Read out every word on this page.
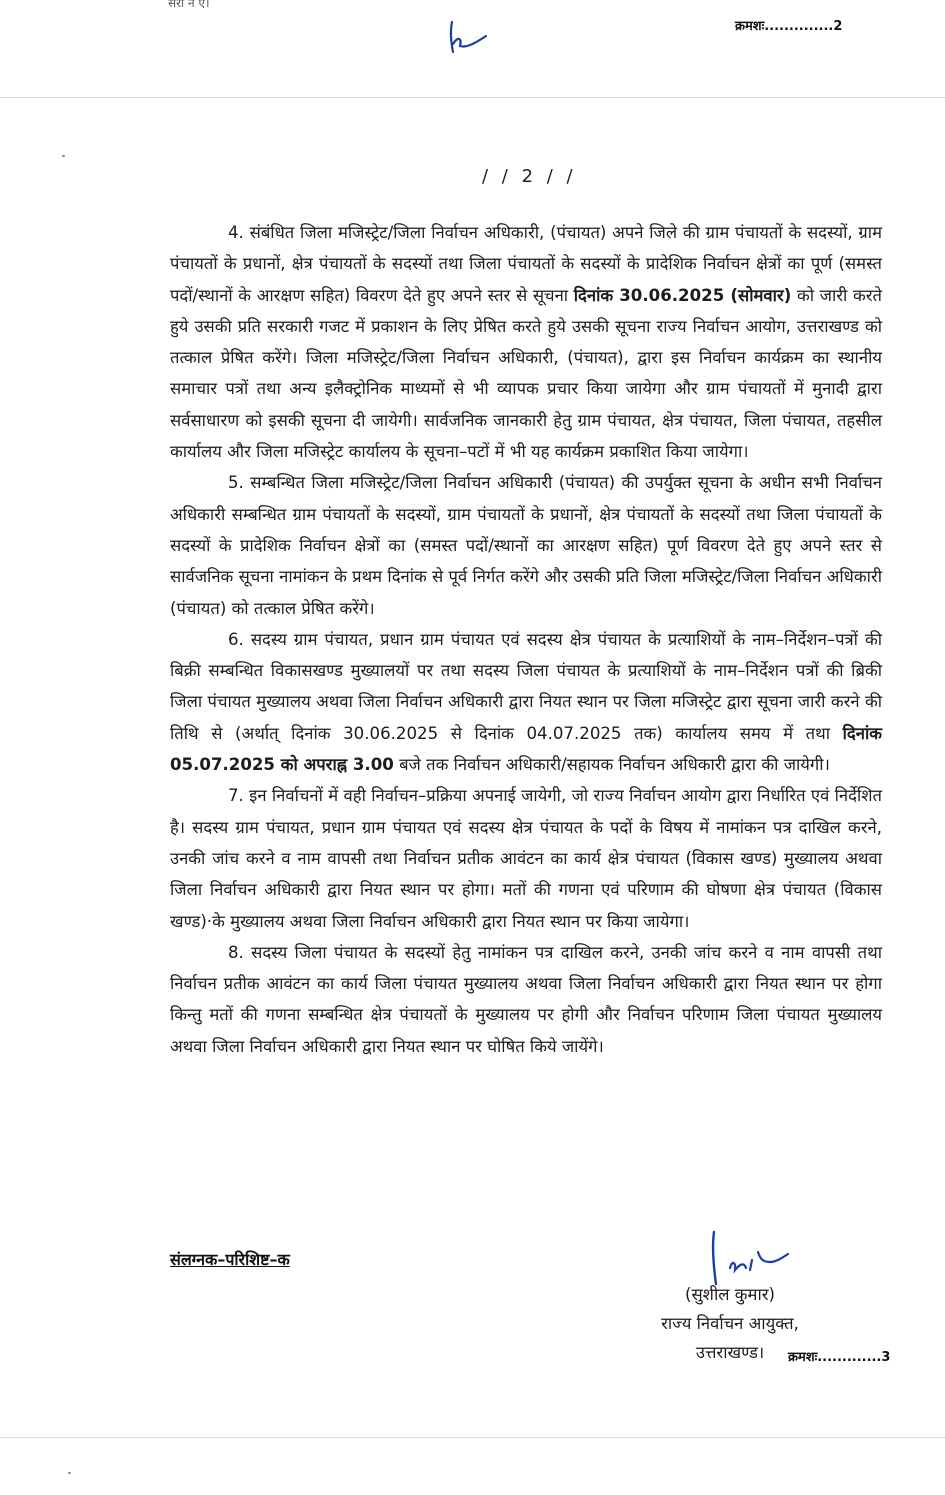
सरा न ए।
क्रमशः..............2
/ / 2 / /

4. संबंधित जिला मजिस्ट्रेट/जिला निर्वाचन अधिकारी, (पंचायत) अपने जिले की ग्राम पंचायतों के सदस्यों, ग्राम पंचायतों के प्रधानों, क्षेत्र पंचायतों के सदस्यों तथा जिला पंचायतों के सदस्यों के प्रादेशिक निर्वाचन क्षेत्रों का पूर्ण (समस्त पदों/स्थानों के आरक्षण सहित) विवरण देते हुए अपने स्तर से सूचना दिनांक 30.06.2025 (सोमवार) को जारी करते हुये उसकी प्रति सरकारी गजट में प्रकाशन के लिए प्रेषित करते हुये उसकी सूचना राज्य निर्वाचन आयोग, उत्तराखण्ड को तत्काल प्रेषित करेंगे। जिला मजिस्ट्रेट/जिला निर्वाचन अधिकारी, (पंचायत), द्वारा इस निर्वाचन कार्यक्रम का स्थानीय समाचार पत्रों तथा अन्य इलैक्ट्रोनिक माध्यमों से भी व्यापक प्रचार किया जायेगा और ग्राम पंचायतों में मुनादी द्वारा सर्वसाधारण को इसकी सूचना दी जायेगी। सार्वजनिक जानकारी हेतु ग्राम पंचायत, क्षेत्र पंचायत, जिला पंचायत, तहसील कार्यालय और जिला मजिस्ट्रेट कार्यालय के सूचना–पटों में भी यह कार्यक्रम प्रकाशित किया जायेगा।

5. सम्बन्धित जिला मजिस्ट्रेट/जिला निर्वाचन अधिकारी (पंचायत) की उपर्युक्त सूचना के अधीन सभी निर्वाचन अधिकारी सम्बन्धित ग्राम पंचायतों के सदस्यों, ग्राम पंचायतों के प्रधानों, क्षेत्र पंचायतों के सदस्यों तथा जिला पंचायतों के सदस्यों के प्रादेशिक निर्वाचन क्षेत्रों का (समस्त पदों/स्थानों का आरक्षण सहित) पूर्ण विवरण देते हुए अपने स्तर से सार्वजनिक सूचना नामांकन के प्रथम दिनांक से पूर्व निर्गत करेंगे और उसकी प्रति जिला मजिस्ट्रेट/जिला निर्वाचन अधिकारी (पंचायत) को तत्काल प्रेषित करेंगे।

6. सदस्य ग्राम पंचायत, प्रधान ग्राम पंचायत एवं सदस्य क्षेत्र पंचायत के प्रत्याशियों के नाम–निर्देशन–पत्रों की बिक्री सम्बन्धित विकासखण्ड मुख्यालयों पर तथा सदस्य जिला पंचायत के प्रत्याशियों के नाम–निर्देशन पत्रों की ब्रिकी जिला पंचायत मुख्यालय अथवा जिला निर्वाचन अधिकारी द्वारा नियत स्थान पर जिला मजिस्ट्रेट द्वारा सूचना जारी करने की तिथि से (अर्थात् दिनांक 30.06.2025 से दिनांक 04.07.2025 तक) कार्यालय समय में तथा दिनांक 05.07.2025 को अपराह्न 3.00 बजे तक निर्वाचन अधिकारी/सहायक निर्वाचन अधिकारी द्वारा की जायेगी।

7. इन निर्वाचनों में वही निर्वाचन–प्रक्रिया अपनाई जायेगी, जो राज्य निर्वाचन आयोग द्वारा निर्धारित एवं निर्देशित है। सदस्य ग्राम पंचायत, प्रधान ग्राम पंचायत एवं सदस्य क्षेत्र पंचायत के पदों के विषय में नामांकन पत्र दाखिल करने, उनकी जांच करने व नाम वापसी तथा निर्वाचन प्रतीक आवंटन का कार्य क्षेत्र पंचायत (विकास खण्ड) मुख्यालय अथवा जिला निर्वाचन अधिकारी द्वारा नियत स्थान पर होगा। मतों की गणना एवं परिणाम की घोषणा क्षेत्र पंचायत (विकास खण्ड)·के मुख्यालय अथवा जिला निर्वाचन अधिकारी द्वारा नियत स्थान पर किया जायेगा।

8. सदस्य जिला पंचायत के सदस्यों हेतु नामांकन पत्र दाखिल करने, उनकी जांच करने व नाम वापसी तथा निर्वाचन प्रतीक आवंटन का कार्य जिला पंचायत मुख्यालय अथवा जिला निर्वाचन अधिकारी द्वारा नियत स्थान पर होगा किन्तु मतों की गणना सम्बन्धित क्षेत्र पंचायतों के मुख्यालय पर होगी और निर्वाचन परिणाम जिला पंचायत मुख्यालय अथवा जिला निर्वाचन अधिकारी द्वारा नियत स्थान पर घोषित किये जायेंगे।

संलग्नक–परिशिष्ट–क
(सुशील कुमार)
राज्य निर्वाचन आयुक्त,
उत्तराखण्ड।	क्रमशः.............3
